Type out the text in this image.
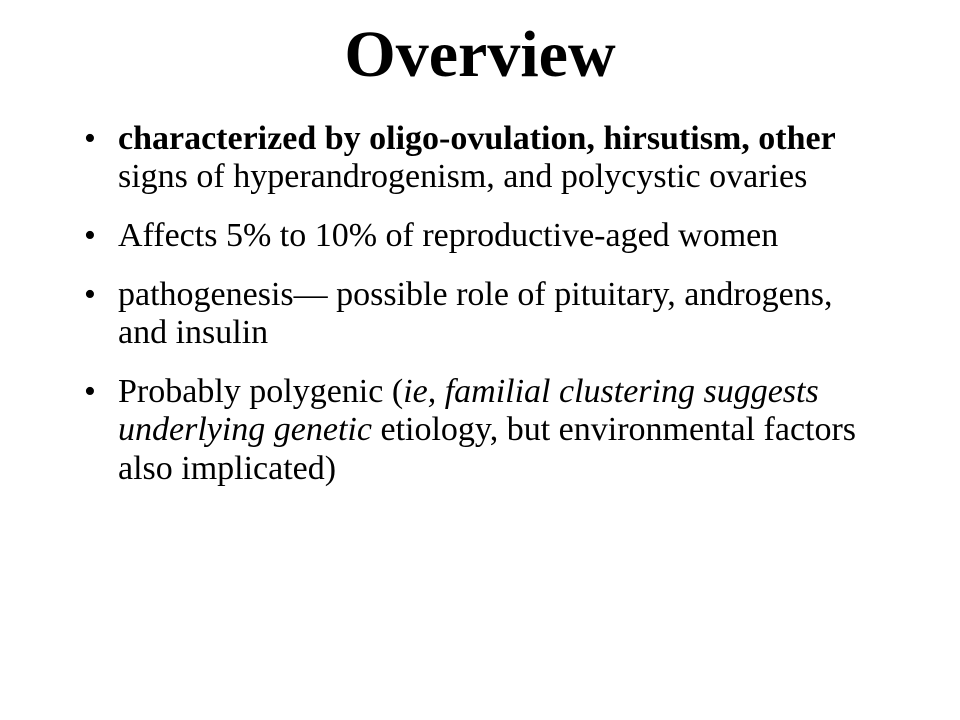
Overview
• characterized by oligo-ovulation, hirsutism, other signs of hyperandrogenism, and polycystic ovaries
• Affects 5% to 10% of reproductive-aged women
• pathogenesis— possible role of pituitary, androgens, and insulin
• Probably polygenic (ie, familial clustering suggests underlying genetic etiology, but environmental factors also implicated)
